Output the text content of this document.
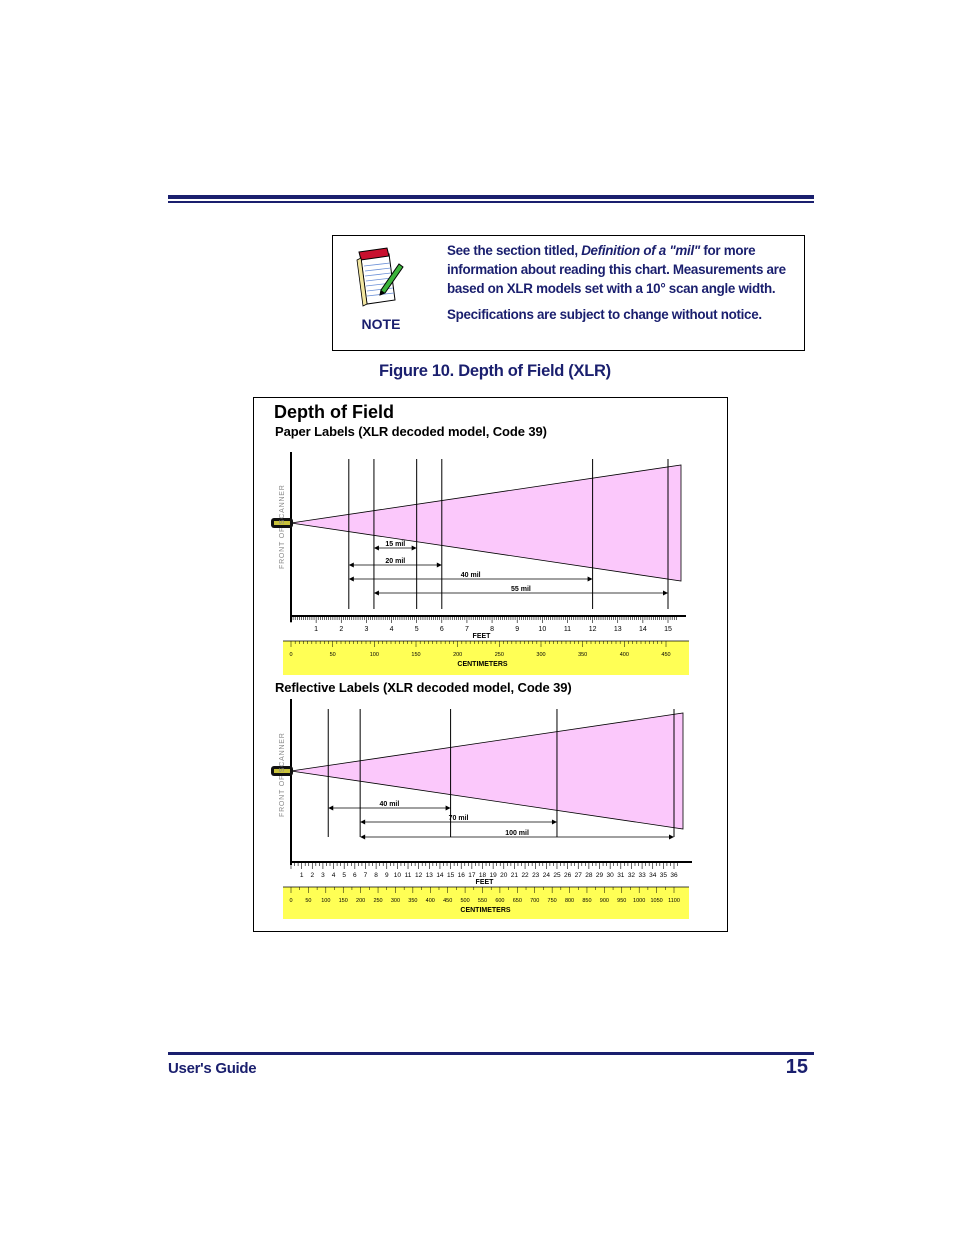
NOTE

See the section titled, Definition of a "mil" for more information about reading this chart. Measurements are based on XLR models set with a 10° scan angle width.

Specifications are subject to change without notice.

Figure 10. Depth of Field (XLR)
Depth of Field
Paper Labels (XLR decoded model, Code 39)
Reflective Labels (XLR decoded model, Code 39)
FRONT OF SCANNER	15 mil
20 mil
40 mil
55 mil
1	2	3	4	5	6	7	8	9	10	11	12 13 14 15
FEET
0	50	100	150	200	250	300	350	400	450
CENTIMETERS
FRONT OF SCANNER	40 mil
70 mil
100 mil
1 2 3 4 5 6 7 8 9 10 11 12 13 14 15 16 17 18 19 20 21 22 23 24 25 26 27 28 29 30 31 32 33 34 35 36
FEET
0 50 100 150 200 250 300 350 400 450 500 550 600 650 700 750 800 850 900 950 1000 1050 1100
CENTIMETERS
User's Guide	15
